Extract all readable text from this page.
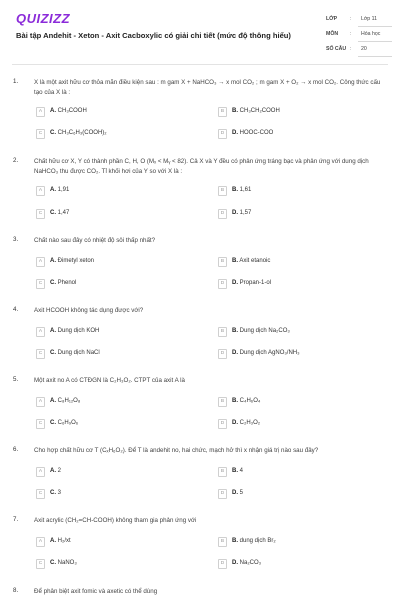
QUIZIZZ
Bài tập Andehit - Xeton - Axit Cacboxylic có giải chi tiết (mức độ thông hiểu)
LỚP : Lớp 11
MÔN : Hóa học
SỐ CÂU : 20
1.	X là một axit hữu cơ thỏa mãn điều kiện sau : m gam X + NaHCO₃ → x mol CO₂ ; m gam X + O₂ → x mol CO₂. Công thức cấu tạo của X là :
A	A. CH₃COOH	B	B. CH₃CH₂COOH
C	C. CH₃C₆H₃(COOH)₂	D	D. HOOC-COO
2.	Chất hữu cơ X, Y có thành phần C, H, O (Mₓ < Mᵧ < 82). Cả X và Y đều có phản ứng tráng bạc và phản ứng với dung dịch NaHCO₃ thu được CO₂. Tỉ khối hơi của Y so với X là :
A	A. 1,91	B	B. 1,61
C	C. 1,47	D	D. 1,57
3.	Chất nào sau đây có nhiệt độ sôi thấp nhất?
A	A. Đimetyl xeton	B	B. Axit etanoic
C	C. Phenol	D	D. Propan-1-ol
4.	Axit HCOOH không tác dụng được với?
A	A. Dung dịch KOH	B	B. Dung dịch Na₂CO₃
C	C. Dung dịch NaCl	D	D. Dung dịch AgNO₃/NH₃
5.	Một axit no A có CTĐGN là C₂H₃O₂. CTPT của axit A là
A	A. C₈H₁₂O₈	B	B. C₄H₆O₄
C	C. C₆H₉O₆	D	D. C₂H₃O₂
6.	Cho hợp chất hữu cơ T (CₓH₆O₂). Để T là andehit no, hai chức, mạch hở thì x nhận giá trị nào sau đây?
A	A. 2	B	B. 4
C	C. 3	D	D. 5
7.	Axit acrylic (CH₂=CH-COOH) không tham gia phản ứng với
A	A. H₂/xt	B	B. dung dịch Br₂
C	C. NaNO₃	D	D. Na₂CO₃
8.	Để phân biệt axit fomic và axetic có thể dùng
